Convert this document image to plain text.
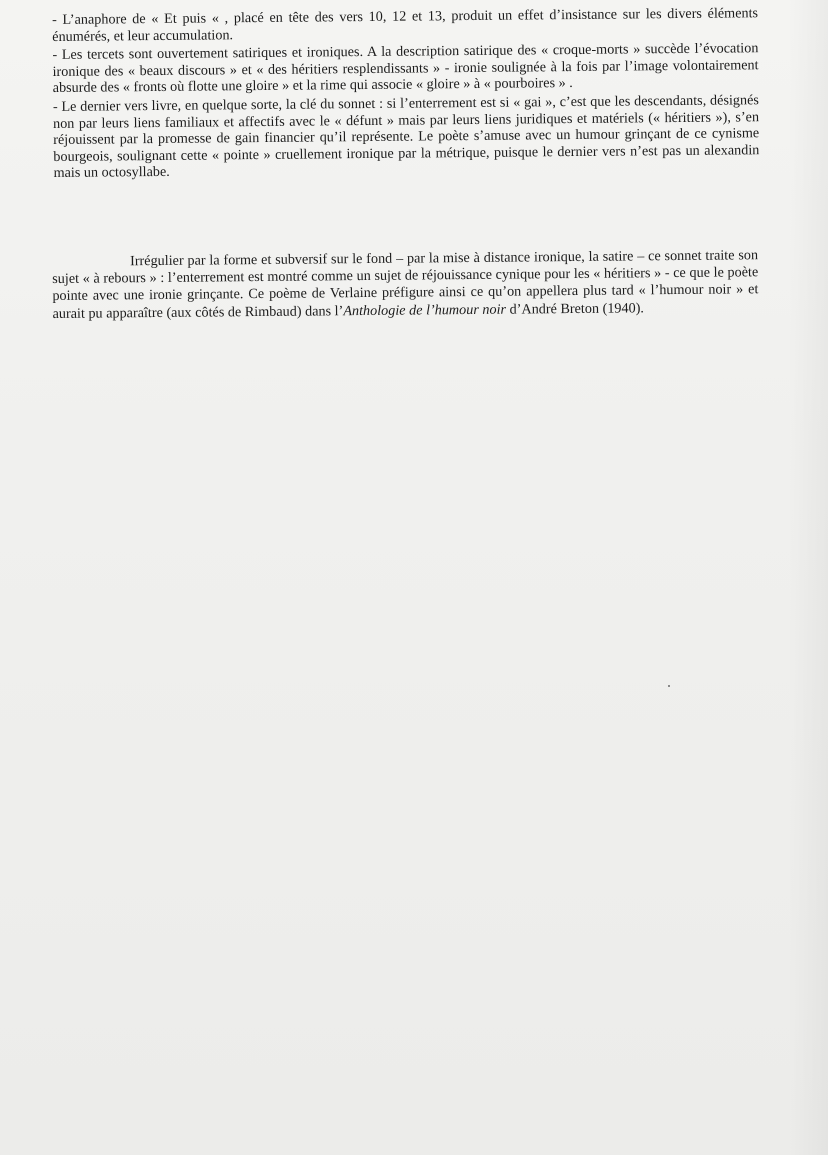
- L’anaphore de « Et puis « , placé en tête des vers 10, 12 et 13, produit un effet d’insistance sur les divers éléments énumérés, et leur accumulation.

- Les tercets sont ouvertement satiriques et ironiques. A la description satirique des « croque-morts » succède l’évocation ironique des « beaux discours » et « des héritiers resplendissants » - ironie soulignée à la fois par l’image volontairement absurde des « fronts où flotte une gloire » et la rime qui associe « gloire » à « pourboires » .

- Le dernier vers livre, en quelque sorte, la clé du sonnet : si l’enterrement est si « gai », c’est que les descendants, désignés non par leurs liens familiaux et affectifs avec le « défunt » mais par leurs liens juridiques et matériels (« héritiers »), s’en réjouissent par la promesse de gain financier qu’il représente. Le poète s’amuse avec un humour grinçant de ce cynisme bourgeois, soulignant cette « pointe » cruellement ironique par la métrique, puisque le dernier vers n’est pas un alexandin mais un octosyllabe.

Irrégulier par la forme et subversif sur le fond – par la mise à distance ironique, la satire – ce sonnet traite son sujet « à rebours » : l’enterrement est montré comme un sujet de réjouissance cynique pour les « héritiers » - ce que le poète pointe avec une ironie grinçante. Ce poème de Verlaine préfigure ainsi ce qu’on appellera plus tard « l’humour noir » et aurait pu apparaître (aux côtés de Rimbaud) dans l’Anthologie de l’humour noir d’André Breton (1940).
